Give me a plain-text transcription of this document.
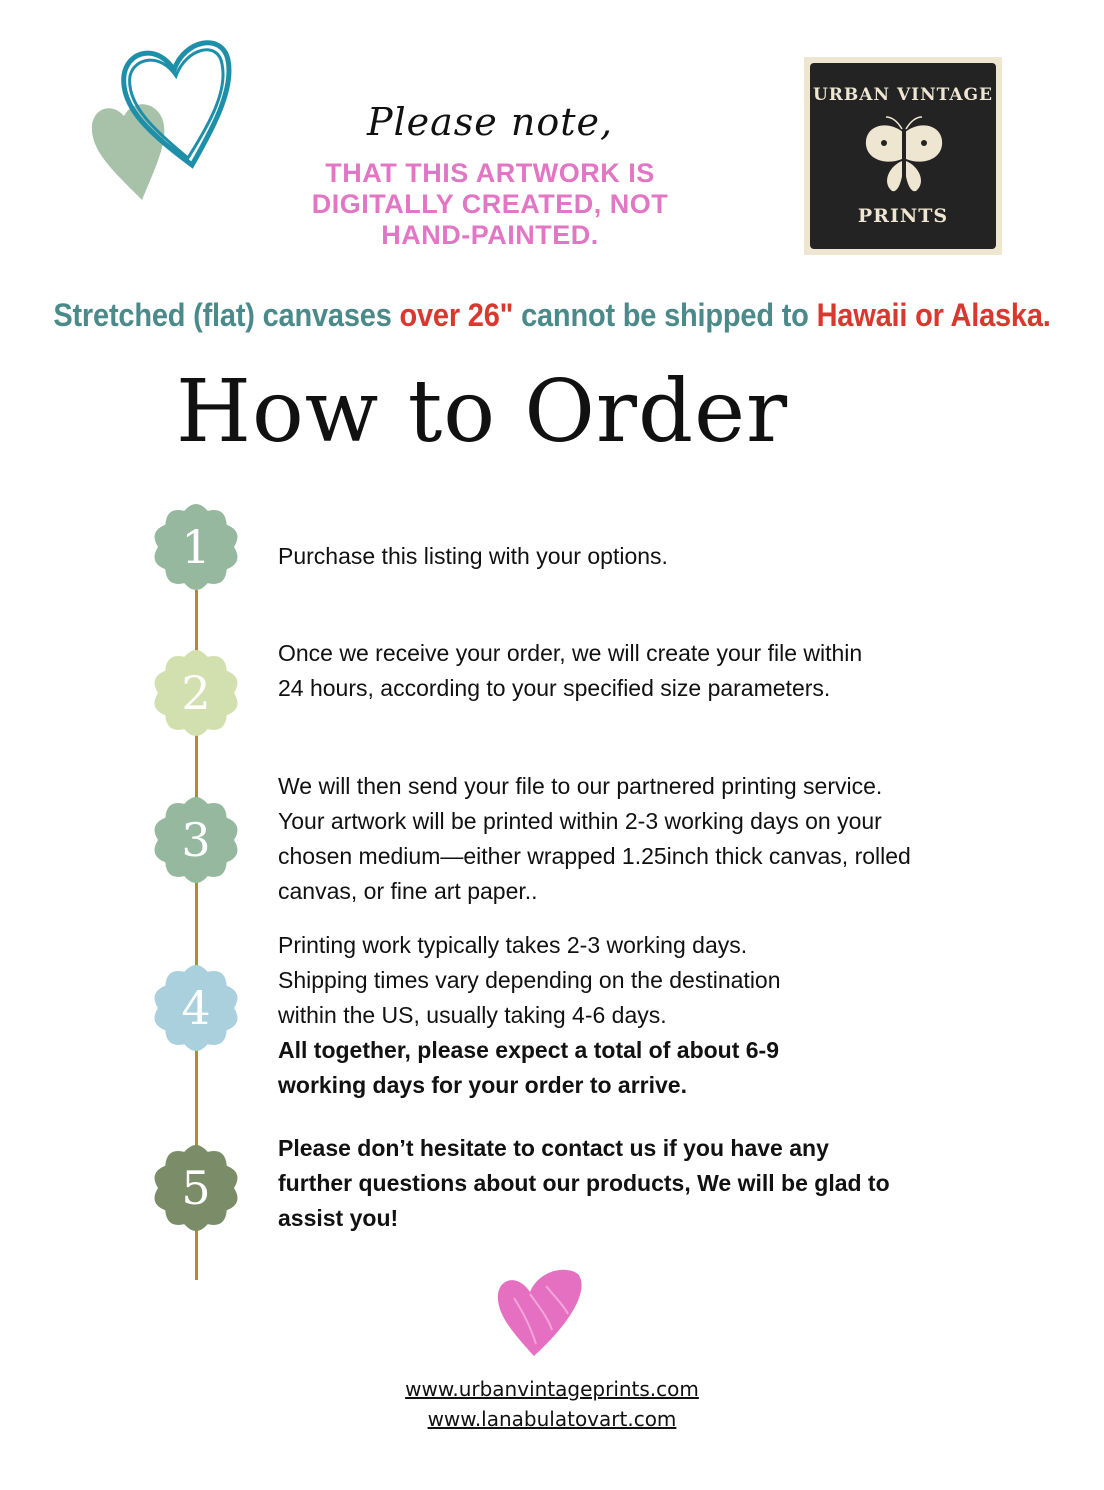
Please note,

THAT THIS ARTWORK IS DIGITALLY CREATED, NOT HAND-PAINTED.
URBAN VINTAGE
PRINTS
Stretched (flat) canvases over 26" cannot be shipped to Hawaii or Alaska.
How to Order
1
2
3
4
5
Purchase this listing with your options.
Once we receive your order, we will create your file within 24 hours, according to your specified size parameters.
We will then send your file to our partnered printing service. Your artwork will be printed within 2-3 working days on your chosen medium—either wrapped 1.25inch thick canvas, rolled canvas, or fine art paper..
Printing work typically takes 2-3 working days. Shipping times vary depending on the destination within the US, usually taking 4-6 days.
All together, please expect a total of about 6-9 working days for your order to arrive.
Please don’t hesitate to contact us if you have any further questions about our products, We will be glad to assist you!
www.urbanvintageprints.com
www.lanabulatovart.com
